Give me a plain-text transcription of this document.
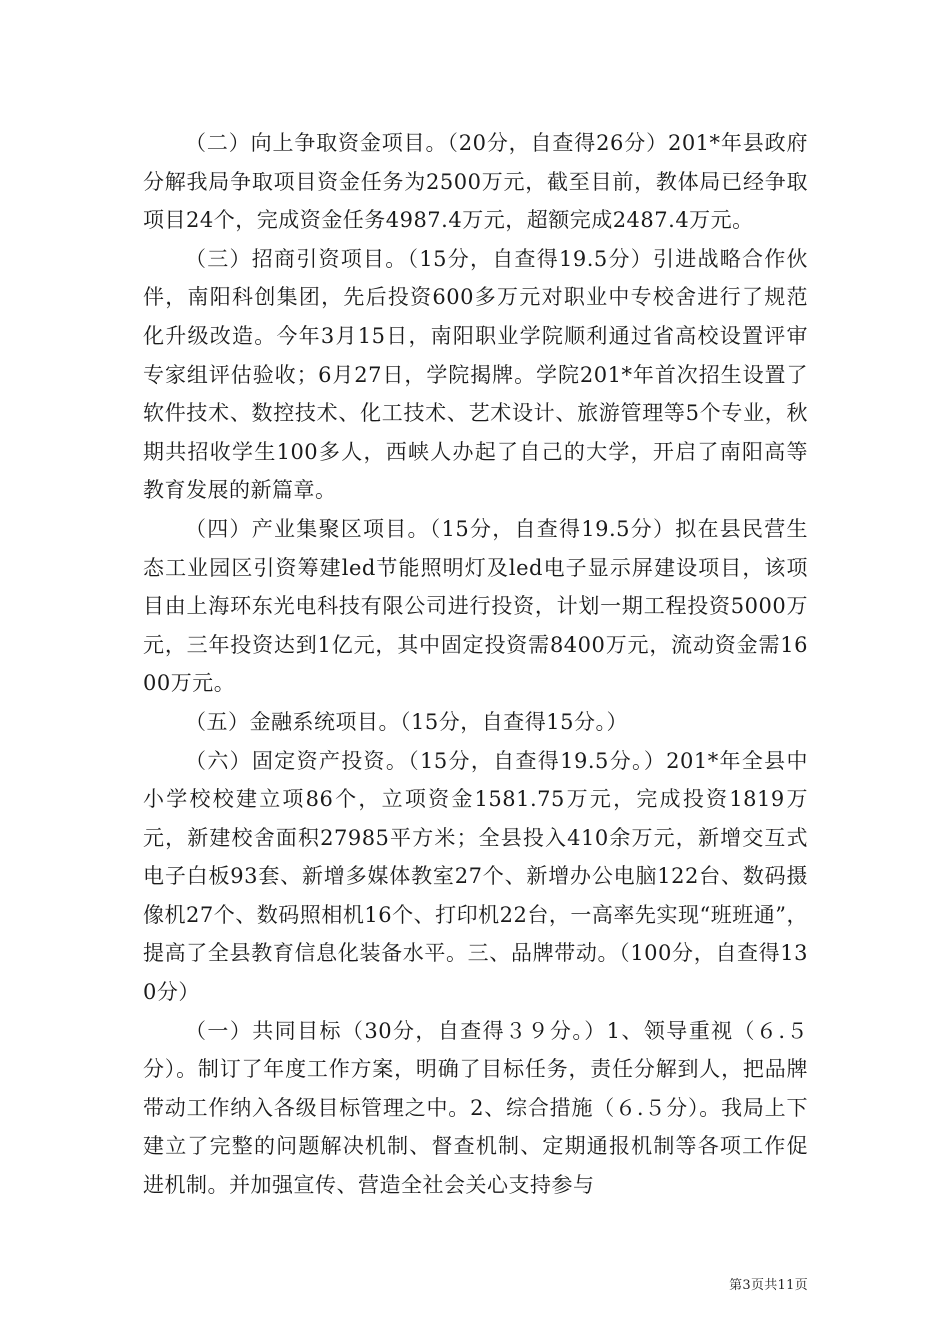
（二）向上争取资金项目。（20分，自查得26分）201*年县政府分解我局争取项目资金任务为2500万元，截至目前，教体局已经争取项目24个，完成资金任务4987.4万元，超额完成2487.4万元。

（三）招商引资项目。（15分，自查得19.5分）引进战略合作伙伴，南阳科创集团，先后投资600多万元对职业中专校舍进行了规范化升级改造。今年3月15日，南阳职业学院顺利通过省高校设置评审专家组评估验收；6月27日，学院揭牌。学院201*年首次招生设置了软件技术、数控技术、化工技术、艺术设计、旅游管理等5个专业，秋期共招收学生100多人，西峡人办起了自己的大学，开启了南阳高等教育发展的新篇章。

（四）产业集聚区项目。（15分，自查得19.5分）拟在县民营生态工业园区引资筹建led节能照明灯及led电子显示屏建设项目，该项目由上海环东光电科技有限公司进行投资，计划一期工程投资5000万元，三年投资达到1亿元，其中固定投资需8400万元，流动资金需1600万元。

（五）金融系统项目。（15分，自查得15分。）

（六）固定资产投资。（15分，自查得19.5分。）201*年全县中小学校校建立项86个，立项资金1581.75万元，完成投资1819万元，新建校舍面积27985平方米；全县投入410余万元，新增交互式电子白板93套、新增多媒体教室27个、新增办公电脑122台、数码摄像机27个、数码照相机16个、打印机22台，一高率先实现“班班通”，提高了全县教育信息化装备水平。三、品牌带动。（100分，自查得130分）

（一）共同目标（30分，自查得３９分。）1、领导重视（６.５分）。制订了年度工作方案，明确了目标任务，责任分解到人，把品牌带动工作纳入各级目标管理之中。2、综合措施（６.５分）。我局上下建立了完整的问题解决机制、督查机制、定期通报机制等各项工作促进机制。并加强宣传、营造全社会关心支持参与

第3页共11页
